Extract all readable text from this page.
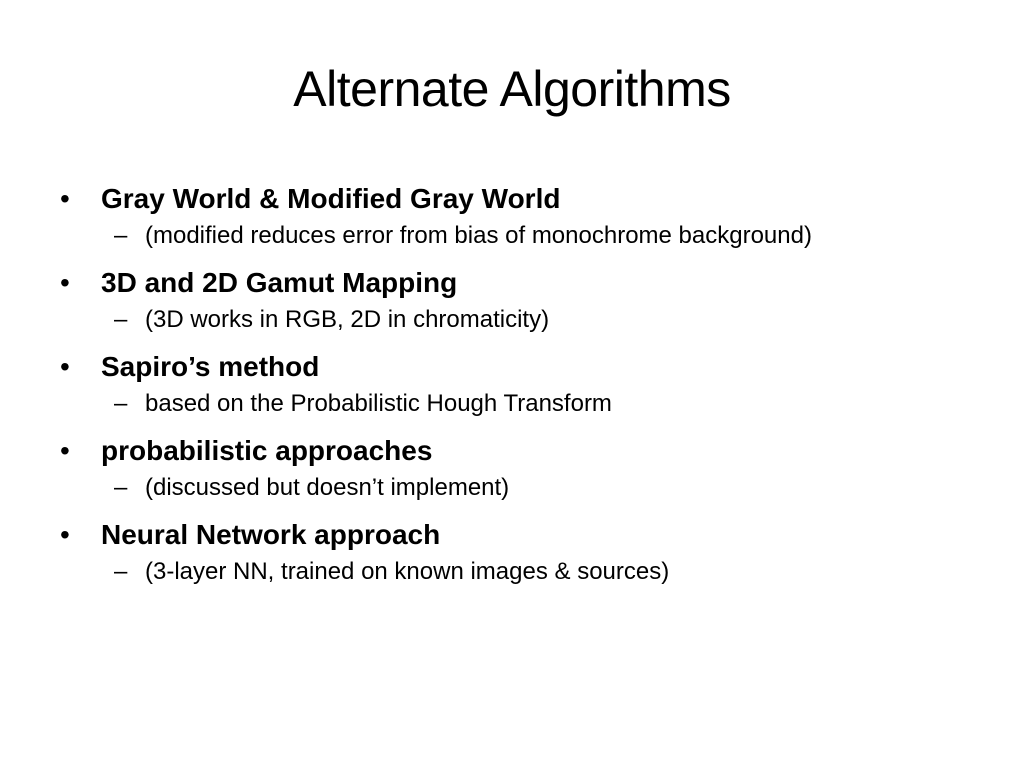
Alternate Algorithms
• Gray World & Modified Gray World
– (modified reduces error from bias of monochrome background)
• 3D and 2D Gamut Mapping
– (3D works in RGB, 2D in chromaticity)
• Sapiro’s method
– based on the Probabilistic Hough Transform
• probabilistic approaches
– (discussed but doesn’t implement)
• Neural Network approach
– (3-layer NN, trained on known images & sources)
